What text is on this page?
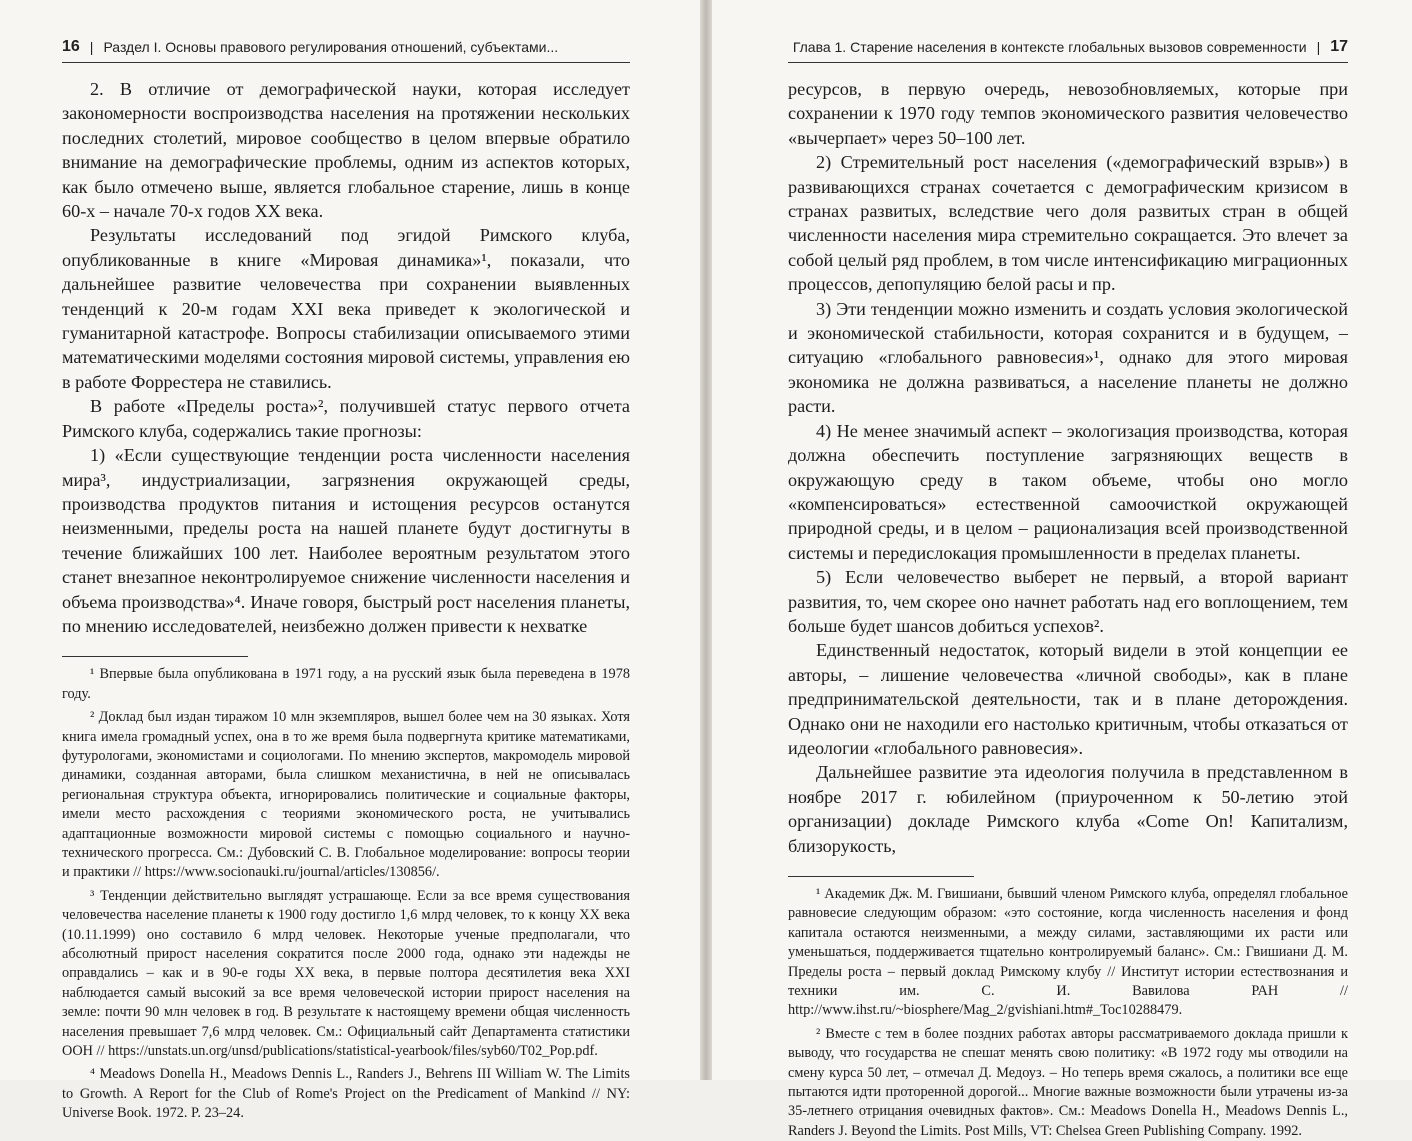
16 | Раздел I. Основы правового регулирования отношений, субъектами...

2. В отличие от демографической науки, которая исследует закономерности воспроизводства населения на протяжении нескольких последних столетий, мировое сообщество в целом впервые обратило внимание на демографические проблемы, одним из аспектов которых, как было отмечено выше, является глобальное старение, лишь в конце 60-х – начале 70-х годов XX века.

Результаты исследований под эгидой Римского клуба, опубликованные в книге «Мировая динамика»¹, показали, что дальнейшее развитие человечества при сохранении выявленных тенденций к 20-м годам XXI века приведет к экологической и гуманитарной катастрофе. Вопросы стабилизации описываемого этими математическими моделями состояния мировой системы, управления ею в работе Форрестера не ставились.

В работе «Пределы роста»², получившей статус первого отчета Римского клуба, содержались такие прогнозы:

1) «Если существующие тенденции роста численности населения мира³, индустриализации, загрязнения окружающей среды, производства продуктов питания и истощения ресурсов останутся неизменными, пределы роста на нашей планете будут достигнуты в течение ближайших 100 лет. Наиболее вероятным результатом этого станет внезапное неконтролируемое снижение численности населения и объема производства»⁴. Иначе говоря, быстрый рост населения планеты, по мнению исследователей, неизбежно должен привести к нехватке

¹ Впервые была опубликована в 1971 году, а на русский язык была переведена в 1978 году.

² Доклад был издан тиражом 10 млн экземпляров, вышел более чем на 30 языках. Хотя книга имела громадный успех, она в то же время была подвергнута критике математиками, футурологами, экономистами и социологами. По мнению экспертов, макромодель мировой динамики, созданная авторами, была слишком механистична, в ней не описывалась региональная структура объекта, игнорировались политические и социальные факторы, имели место расхождения с теориями экономического роста, не учитывались адаптационные возможности мировой системы с помощью социального и научно-технического прогресса. См.: Дубовский С. В. Глобальное моделирование: вопросы теории и практики // https://www.socionauki.ru/journal/articles/130856/.

³ Тенденции действительно выглядят устрашающе. Если за все время существования человечества население планеты к 1900 году достигло 1,6 млрд человек, то к концу XX века (10.11.1999) оно составило 6 млрд человек. Некоторые ученые предполагали, что абсолютный прирост населения сократится после 2000 года, однако эти надежды не оправдались – как и в 90-е годы XX века, в первые полтора десятилетия века XXI наблюдается самый высокий за все время человеческой истории прирост населения на земле: почти 90 млн человек в год. В результате к настоящему времени общая численность населения превышает 7,6 млрд человек. См.: Официальный сайт Департамента статистики ООН // https://unstats.un.org/unsd/publications/statistical-yearbook/files/syb60/T02_Pop.pdf.

⁴ Meadows Donella H., Meadows Dennis L., Randers J., Behrens III William W. The Limits to Growth. A Report for the Club of Rome's Project on the Predicament of Mankind // NY: Universe Book. 1972. P. 23–24.

Глава 1. Старение населения в контексте глобальных вызовов современности | 17

ресурсов, в первую очередь, невозобновляемых, которые при сохранении к 1970 году темпов экономического развития человечество «вычерпает» через 50–100 лет.

2) Стремительный рост населения («демографический взрыв») в развивающихся странах сочетается с демографическим кризисом в странах развитых, вследствие чего доля развитых стран в общей численности населения мира стремительно сокращается. Это влечет за собой целый ряд проблем, в том числе интенсификацию миграционных процессов, депопуляцию белой расы и пр.

3) Эти тенденции можно изменить и создать условия экологической и экономической стабильности, которая сохранится и в будущем, – ситуацию «глобального равновесия»¹, однако для этого мировая экономика не должна развиваться, а население планеты не должно расти.

4) Не менее значимый аспект – экологизация производства, которая должна обеспечить поступление загрязняющих веществ в окружающую среду в таком объеме, чтобы оно могло «компенсироваться» естественной самоочисткой окружающей природной среды, и в целом – рационализация всей производственной системы и передислокация промышленности в пределах планеты.

5) Если человечество выберет не первый, а второй вариант развития, то, чем скорее оно начнет работать над его воплощением, тем больше будет шансов добиться успехов².

Единственный недостаток, который видели в этой концепции ее авторы, – лишение человечества «личной свободы», как в плане предпринимательской деятельности, так и в плане деторождения. Однако они не находили его настолько критичным, чтобы отказаться от идеологии «глобального равновесия».

Дальнейшее развитие эта идеология получила в представленном в ноябре 2017 г. юбилейном (приуроченном к 50-летию этой организации) докладе Римского клуба «Come On! Капитализм, близорукость,

¹ Академик Дж. М. Гвишиани, бывший членом Римского клуба, определял глобальное равновесие следующим образом: «это состояние, когда численность населения и фонд капитала остаются неизменными, а между силами, заставляющими их расти или уменьшаться, поддерживается тщательно контролируемый баланс». См.: Гвишиани Д. М. Пределы роста – первый доклад Римскому клубу // Институт истории естествознания и техники им. С. И. Вавилова РАН // http://www.ihst.ru/~biosphere/Mag_2/gvishiani.htm#_Toc10288479.

² Вместе с тем в более поздних работах авторы рассматриваемого доклада пришли к выводу, что государства не спешат менять свою политику: «В 1972 году мы отводили на смену курса 50 лет, – отмечал Д. Медоуз. – Но теперь время сжалось, а политики все еще пытаются идти проторенной дорогой... Многие важные возможности были утрачены из-за 35-летнего отрицания очевидных фактов». См.: Meadows Donella H., Meadows Dennis L., Randers J. Beyond the Limits. Post Mills, VT: Chelsea Green Publishing Company. 1992.
